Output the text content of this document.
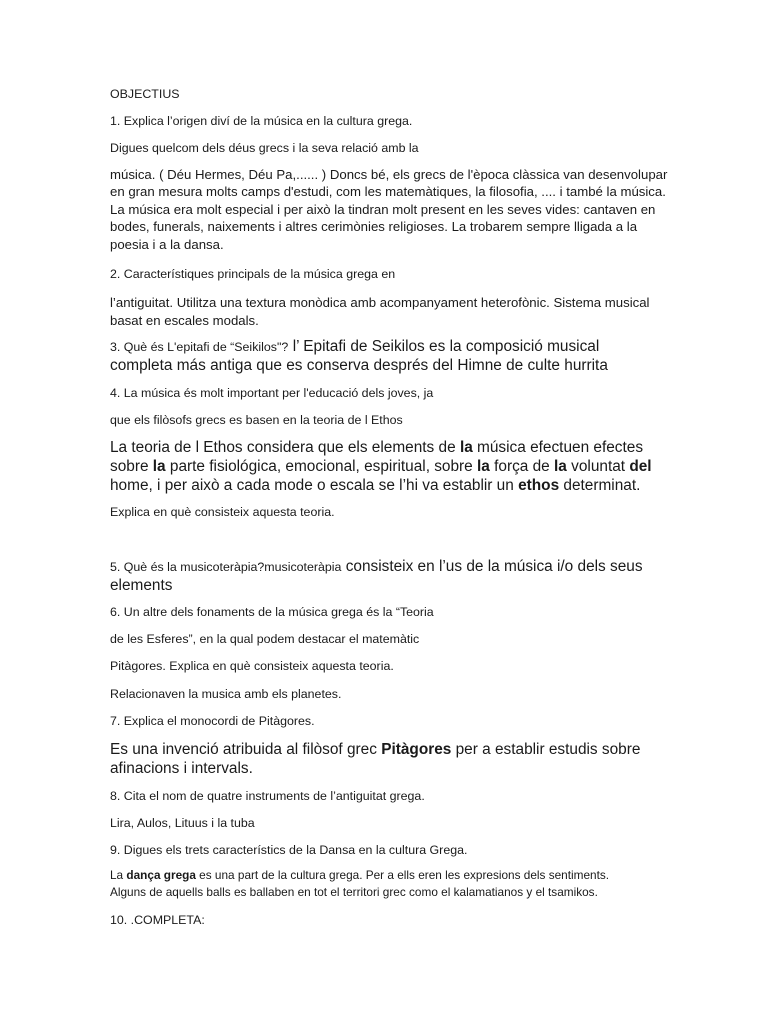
OBJECTIUS

1. Explica l’origen diví de la música en la cultura grega.

Digues quelcom dels déus grecs i la seva relació amb la

música. ( Déu Hermes, Déu Pa,...... ) Doncs bé, els grecs de l'època clàssica van desenvolupar

en gran mesura molts camps d'estudi, com les matemàtiques, la filosofia, .... i també la música.

La música era molt especial i per això la tindran molt present en les seves vides: cantaven en

bodes, funerals, naixements i altres cerimònies religioses. La trobarem sempre lligada a la

poesia i a la dansa.

2. Característiques principals de la música grega en

l’antiguitat. Utilitza una textura monòdica amb acompanyament heterofònic. Sistema musical

basat en escales modals.

3. Què és L'epitafi de “Seikilos"? l’ Epitafi de Seikilos es la composició musical

completa más antiga que es conserva després del Himne de culte hurrita

4. La música és molt important per l'educació dels joves, ja

que els filòsofs grecs es basen en la teoria de l Ethos

La teoria de l Ethos considera que els elements de la música efectuen efectes

sobre la parte fisiológica, emocional, espiritual, sobre la força de la voluntat del

home, i per això a cada mode o escala se l’hi va establir un ethos determinat.

Explica en què consisteix aquesta teoria.

5. Què és la musicoteràpia?musicoteràpia consisteix en l’us de la música i/o dels seus

elements

6. Un altre dels fonaments de la música grega és la “Teoria

de les Esferes”, en la qual podem destacar el matemàtic

Pitàgores. Explica en què consisteix aquesta teoria.

Relacionaven la musica amb els planetes.

7. Explica el monocordi de Pitàgores.

Es una invenció atribuida al filòsof grec Pitàgores per a establir estudis sobre

afinacions i intervals.

8. Cita el nom de quatre instruments de l’antiguitat grega.

Lira, Aulos, Lituus i la tuba

9. Digues els trets característics de la Dansa en la cultura Grega.

La dança grega es una part de la cultura grega. Per a ells eren les expresions dels sentiments.

Alguns de aquells balls es ballaben en tot el territori grec como el kalamatianos y el tsamikos.

10. .COMPLETA:
